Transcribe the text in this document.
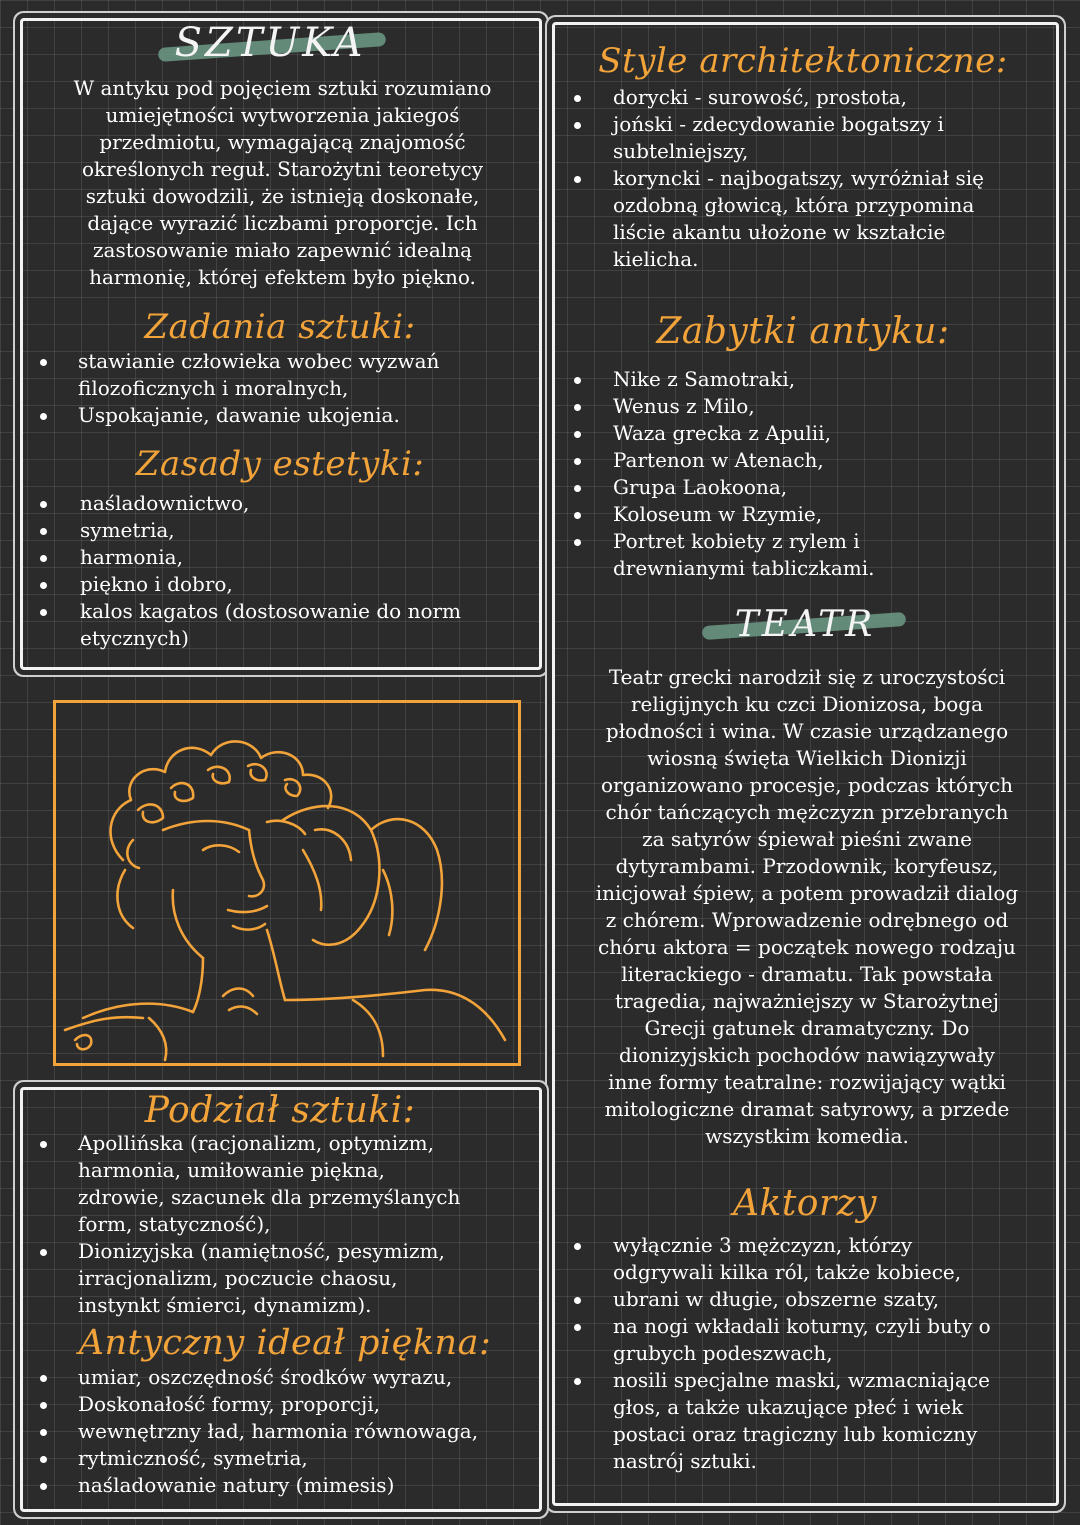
SZTUKA
W antyku pod pojęciem sztuki rozumiano
umiejętności wytworzenia jakiegoś
przedmiotu, wymagającą znajomość
określonych reguł. Starożytni teoretycy
sztuki dowodzili, że istnieją doskonałe,
dające wyrazić liczbami proporcje. Ich
zastosowanie miało zapewnić idealną
harmonię, której efektem było piękno.
Zadania sztuki:
stawianie człowieka wobec wyzwań
filozoficznych i moralnych,
Uspokajanie, dawanie ukojenia.
Zasady estetyki:
naśladownictwo,
symetria,
harmonia,
piękno i dobro,
kalos kagatos (dostosowanie do norm
etycznych)
Podział sztuki:
Apollińska (racjonalizm, optymizm,
harmonia, umiłowanie piękna,
zdrowie, szacunek dla przemyślanych
form, statyczność),
Dionizyjska (namiętność, pesymizm,
irracjonalizm, poczucie chaosu,
instynkt śmierci, dynamizm).
Antyczny ideał piękna:
umiar, oszczędność środków wyrazu,
Doskonałość formy, proporcji,
wewnętrzny ład, harmonia równowaga,
rytmiczność, symetria,
naśladowanie natury (mimesis)
Style architektoniczne:
dorycki - surowość, prostota,
joński - zdecydowanie bogatszy i
subtelniejszy,
koryncki - najbogatszy, wyróżniał się
ozdobną głowicą, która przypomina
liście akantu ułożone w kształcie
kielicha.
Zabytki antyku:
Nike z Samotraki,
Wenus z Milo,
Waza grecka z Apulii,
Partenon w Atenach,
Grupa Laokoona,
Koloseum w Rzymie,
Portret kobiety z rylem i
drewnianymi tabliczkami.
TEATR
Teatr grecki narodził się z uroczystości
religijnych ku czci Dionizosa, boga
płodności i wina. W czasie urządzanego
wiosną święta Wielkich Dionizji
organizowano procesje, podczas których
chór tańczących mężczyzn przebranych
za satyrów śpiewał pieśni zwane
dytyrambami. Przodownik, koryfeusz,
inicjował śpiew, a potem prowadził dialog
z chórem. Wprowadzenie odrębnego od
chóru aktora = początek nowego rodzaju
literackiego - dramatu. Tak powstała
tragedia, najważniejszy w Starożytnej
Grecji gatunek dramatyczny. Do
dionizyjskich pochodów nawiązywały
inne formy teatralne: rozwijający wątki
mitologiczne dramat satyrowy, a przede
wszystkim komedia.
Aktorzy
wyłącznie 3 mężczyzn, którzy
odgrywali kilka ról, także kobiece,
ubrani w długie, obszerne szaty,
na nogi wkładali koturny, czyli buty o
grubych podeszwach,
nosili specjalne maski, wzmacniające
głos, a także ukazujące płeć i wiek
postaci oraz tragiczny lub komiczny
nastrój sztuki.
